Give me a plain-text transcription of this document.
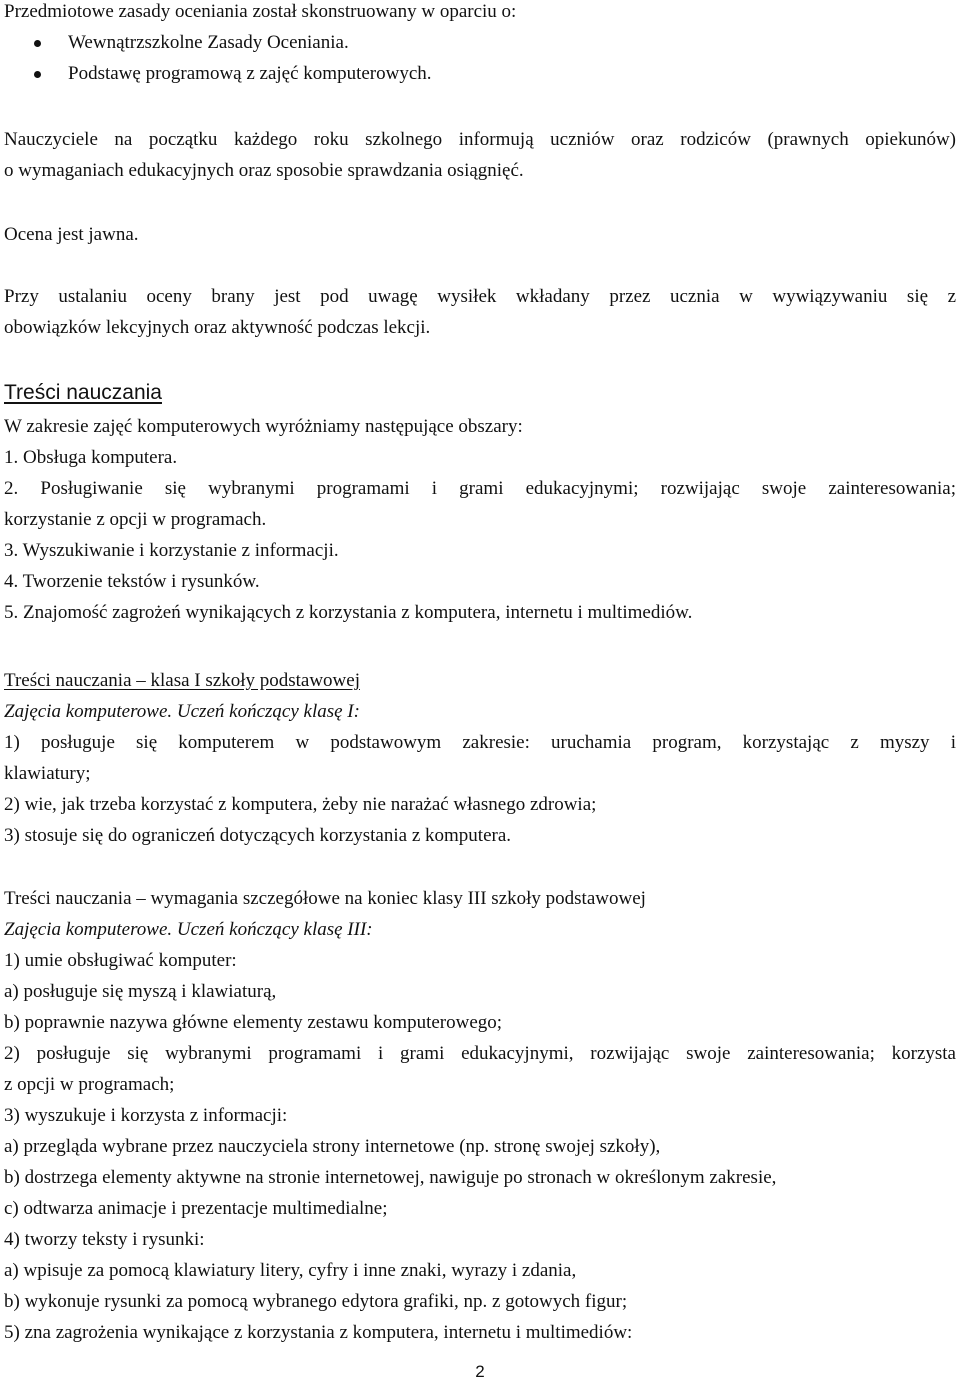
Przedmiotowe zasady oceniania został skonstruowany w oparciu o:
Wewnątrzszkolne Zasady Oceniania.
Podstawę programową z zajęć komputerowych.
Nauczyciele na początku każdego roku szkolnego informują uczniów oraz rodziców (prawnych opiekunów)
o wymaganiach edukacyjnych oraz sposobie sprawdzania osiągnięć.
Ocena jest jawna.
Przy ustalaniu oceny brany jest pod uwagę wysiłek wkładany przez ucznia w wywiązywaniu się z
obowiązków lekcyjnych oraz aktywność podczas lekcji.
Treści nauczania
W zakresie zajęć komputerowych wyróżniamy następujące obszary:
1. Obsługa komputera.
2. Posługiwanie się wybranymi programami i grami edukacyjnymi; rozwijając swoje zainteresowania;
korzystanie z opcji w programach.
3. Wyszukiwanie i korzystanie z informacji.
4. Tworzenie tekstów i rysunków.
5. Znajomość zagrożeń wynikających z korzystania z komputera, internetu i multimediów.
Treści nauczania – klasa I szkoły podstawowej
Zajęcia komputerowe. Uczeń kończący klasę I:
1) posługuje się komputerem w podstawowym zakresie: uruchamia program, korzystając z myszy i
klawiatury;
2) wie, jak trzeba korzystać z komputera, żeby nie narażać własnego zdrowia;
3) stosuje się do ograniczeń dotyczących korzystania z komputera.
Treści nauczania – wymagania szczegółowe na koniec klasy III szkoły podstawowej
Zajęcia komputerowe. Uczeń kończący klasę III:
1) umie obsługiwać komputer:
a) posługuje się myszą i klawiaturą,
b) poprawnie nazywa główne elementy zestawu komputerowego;
2) posługuje się wybranymi programami i grami edukacyjnymi, rozwijając swoje zainteresowania; korzysta
z opcji w programach;
3) wyszukuje i korzysta z informacji:
a) przegląda wybrane przez nauczyciela strony internetowe (np. stronę swojej szkoły),
b) dostrzega elementy aktywne na stronie internetowej, nawiguje po stronach w określonym zakresie,
c) odtwarza animacje i prezentacje multimedialne;
4) tworzy teksty i rysunki:
a) wpisuje za pomocą klawiatury litery, cyfry i inne znaki, wyrazy i zdania,
b) wykonuje rysunki za pomocą wybranego edytora grafiki, np. z gotowych figur;
5) zna zagrożenia wynikające z korzystania z komputera, internetu i multimediów:
2
